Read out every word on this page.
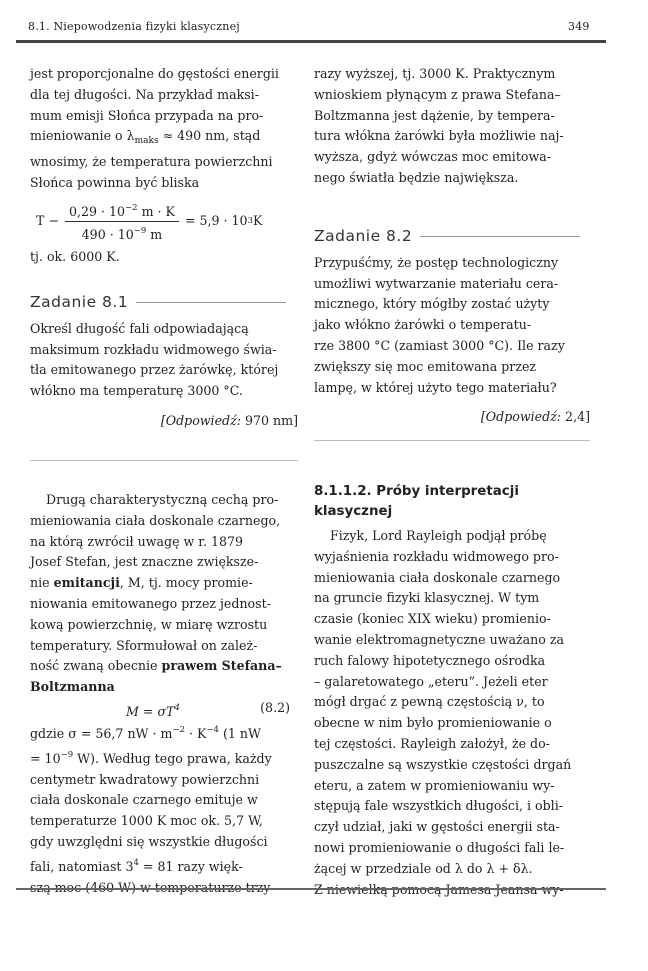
8.1. Niepowodzenia fizyki klasycznej	349

jest proporcjonalne do gęstości energii

dla tej długości. Na przykład maksi-

mum emisji Słońca przypada na pro-

mieniowanie o $\lambda_{maks} \approx 490$ nm, stąd

wnosimy, że temperatura powierzchni

Słońca powinna być bliska

$T - \frac{0,29 \cdot 10^{-2} m \cdot K}{490 \cdot 10^{-9} m} = 5,9 \cdot 10$ 3 K

tj. ok. 6000 K.

Zadanie 8.1

Określ długość fali odpowiadającą

maksimum rozkładu widmowego świa-

tła emitowanego przez żarówkę, której

włókno ma temperaturę 3000 °C.

[Odpowiedź: 970 nm]

razy wyższej, tj. 3000 K. Praktycznym

wnioskiem płynącym z prawa Stefana–

Boltzmanna jest dążenie, by tempera-

tura włókna żarówki była możliwie naj-

wyższa, gdyż wówczas moc emitowa-

nego światła będzie największa.

Zadanie 8.2

Przypuśćmy, że postęp technologiczny

umożliwi wytwarzanie materiału cera-

micznego, który mógłby zostać użyty

jako włókno żarówki o temperatu-

rze 3800 °C (zamiast 3000 °C). Ile razy

zwiększy się moc emitowana przez

lampę, w której użyto tego materiału?

[Odpowiedź: 2,4]

Drugą charakterystyczną cechą pro-

mieniowania ciała doskonale czarnego,

na którą zwrócił uwagę w r. 1879

Josef Stefan, jest znaczne zwiększe-

nie emitancji, M, tj. mocy promie-

niowania emitowanego przez jednost-

kową powierzchnię, w miarę wzrostu

temperatury. Sformułował on zależ-

ność zwaną obecnie prawem Stefana–

Boltzmanna

$M = \sigma T^4$	(8.2)

gdzie σ = 56,7 nW · $m^{-2} \cdot K^{-4}$ (1 nW

= $10^{-9}$ W). Według tego prawa, każdy

centymetr kwadratowy powierzchni

ciała doskonale czarnego emituje w

temperaturze 1000 K moc ok. 5,7 W,

gdy uwzględni się wszystkie długości

fali, natomiast $3^4 = 81$ razy więk-

8.1.1.2. Próby interpretacji
klasycznej

Fizyk, Lord Rayleigh podjął próbę

wyjaśnienia rozkładu widmowego pro-

mieniowania ciała doskonale czarnego

na gruncie fizyki klasycznej. W tym

czasie (koniec XIX wieku) promienio-

wanie elektromagnetyczne uważano za

ruch falowy hipotetycznego ośrodka

– galaretowatego „eteru”. Jeżeli eter

mógł drgać z pewną częstością ν, to

obecne w nim było promieniowanie o

tej częstości. Rayleigh założył, że do-

puszczalne są wszystkie częstości drgań

eteru, a zatem w promieniowaniu wy-

stępują fale wszystkich długości, i obli-

czył udział, jaki w gęstości energii sta-

nowi promieniowanie o długości fali le-

żącej w przedziale od λ do λ + δλ.
